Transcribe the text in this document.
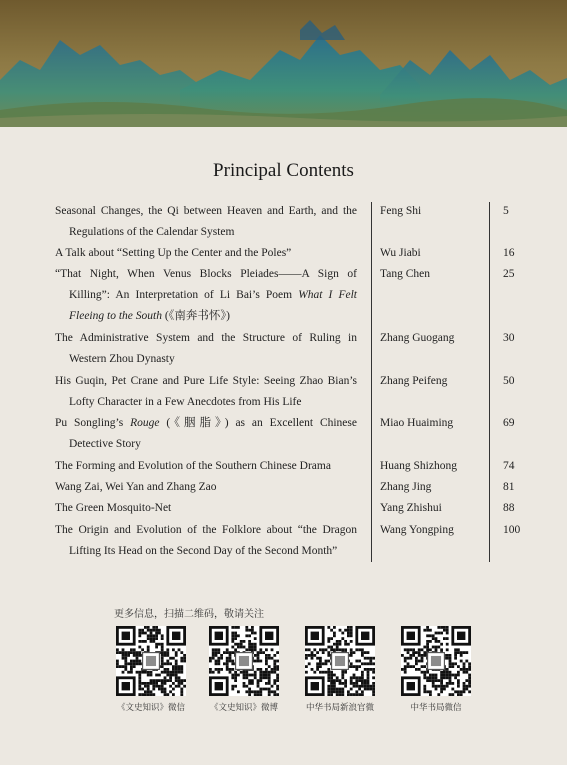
Principal Contents
Seasonal Changes, the Qi between Heaven and Earth, and the
Regulations of the Calendar System
Feng Shi	5
A Talk about “Setting Up the Center and the Poles”	Wu Jiabi	16
“That Night, When Venus Blocks Pleiades——A Sign of
Killing”: An Interpretation of Li Bai’s Poem What I Felt
Fleeing to the South (《南奔书怀》)
Tang Chen	25
The Administrative System and the Structure of Ruling in
Western Zhou Dynasty
Zhang Guogang	30
His Guqin, Pet Crane and Pure Life Style: Seeing Zhao Bian’s
Lofty Character in a Few Anecdotes from His Life
Zhang Peifeng	50
Pu Songling’s Rouge (《胭脂》) as an Excellent Chinese
Detective Story
Miao Huaiming	69
The Forming and Evolution of the Southern Chinese Drama	Huang Shizhong	74
Wang Zai, Wei Yan and Zhang Zao	Zhang Jing	81
The Green Mosquito-Net	Yang Zhishui	88
The Origin and Evolution of the Folklore about “the Dragon
Lifting Its Head on the Second Day of the Second Month”
Wang Yongping	100
更多信息，扫描二维码，敬请关注
《文史知识》微信	《文史知识》微博	中华书局新浪官微	中华书局微信
